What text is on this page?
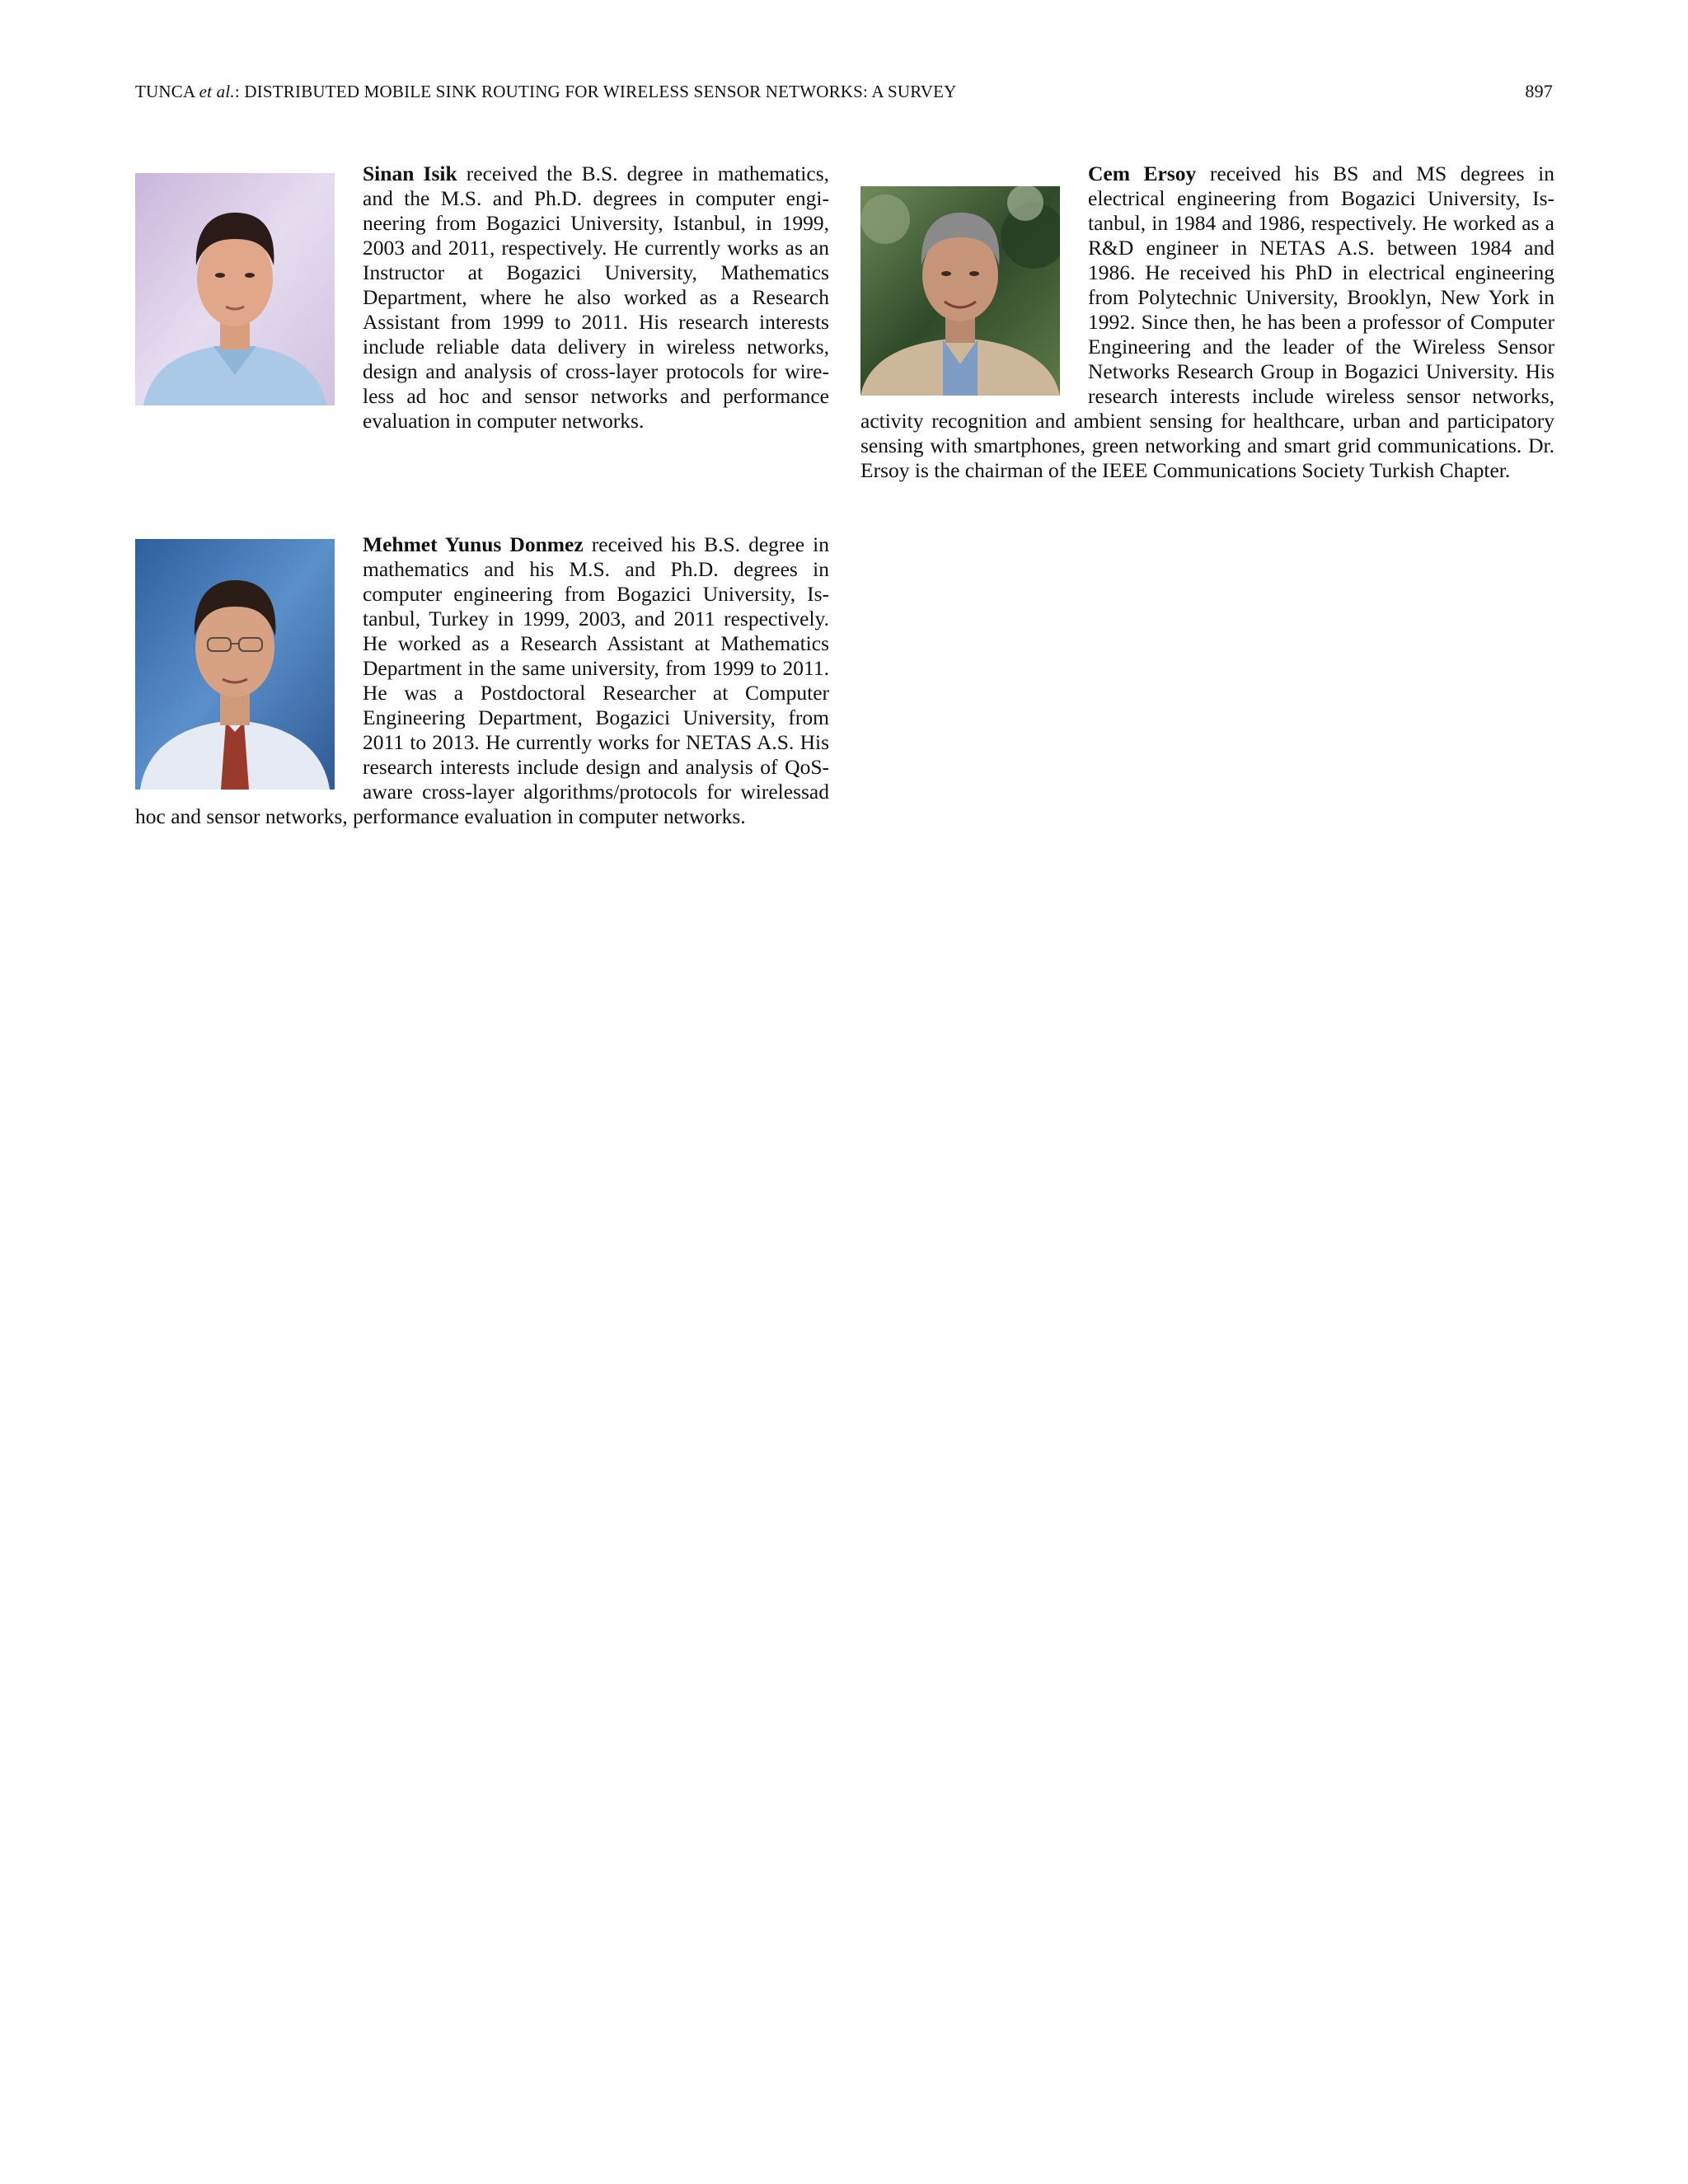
TUNCA et al.: DISTRIBUTED MOBILE SINK ROUTING FOR WIRELESS SENSOR NETWORKS: A SURVEY	897
Sinan Isik received the B.S. degree in mathematics, and the M.S. and Ph.D. degrees in computer engineering from Bogazici University, Istanbul, in 1999, 2003 and 2011, respectively. He currently works as an Instructor at Bogazici University, Mathematics Department, where he also worked as a Research Assistant from 1999 to 2011. His research interests include reliable data delivery in wireless networks, design and analysis of cross-layer protocols for wireless ad hoc and sensor networks and performance evaluation in computer networks.
Mehmet Yunus Donmez received his B.S. degree in mathematics and his M.S. and Ph.D. degrees in computer engineering from Bogazici University, Istanbul, Turkey in 1999, 2003, and 2011 respectively. He worked as a Research Assistant at Mathematics Department in the same university, from 1999 to 2011. He was a Postdoctoral Researcher at Computer Engineering Department, Bogazici University, from 2011 to 2013. He currently works for NETAS A.S. His research interests include design and analysis of QoS-aware cross-layer algorithms/protocols for wirelessad hoc and sensor networks, performance evaluation in computer networks.
Cem Ersoy received his BS and MS degrees in electrical engineering from Bogazici University, Istanbul, in 1984 and 1986, respectively. He worked as a R&D engineer in NETAS A.S. between 1984 and 1986. He received his PhD in electrical engineering from Polytechnic University, Brooklyn, New York in 1992. Since then, he has been a professor of Computer Engineering and the leader of the Wireless Sensor Networks Research Group in Bogazici University. His research interests include wireless sensor networks, activity recognition and ambient sensing for healthcare, urban and participatory sensing with smartphones, green networking and smart grid communications. Dr. Ersoy is the chairman of the IEEE Communications Society Turkish Chapter.
